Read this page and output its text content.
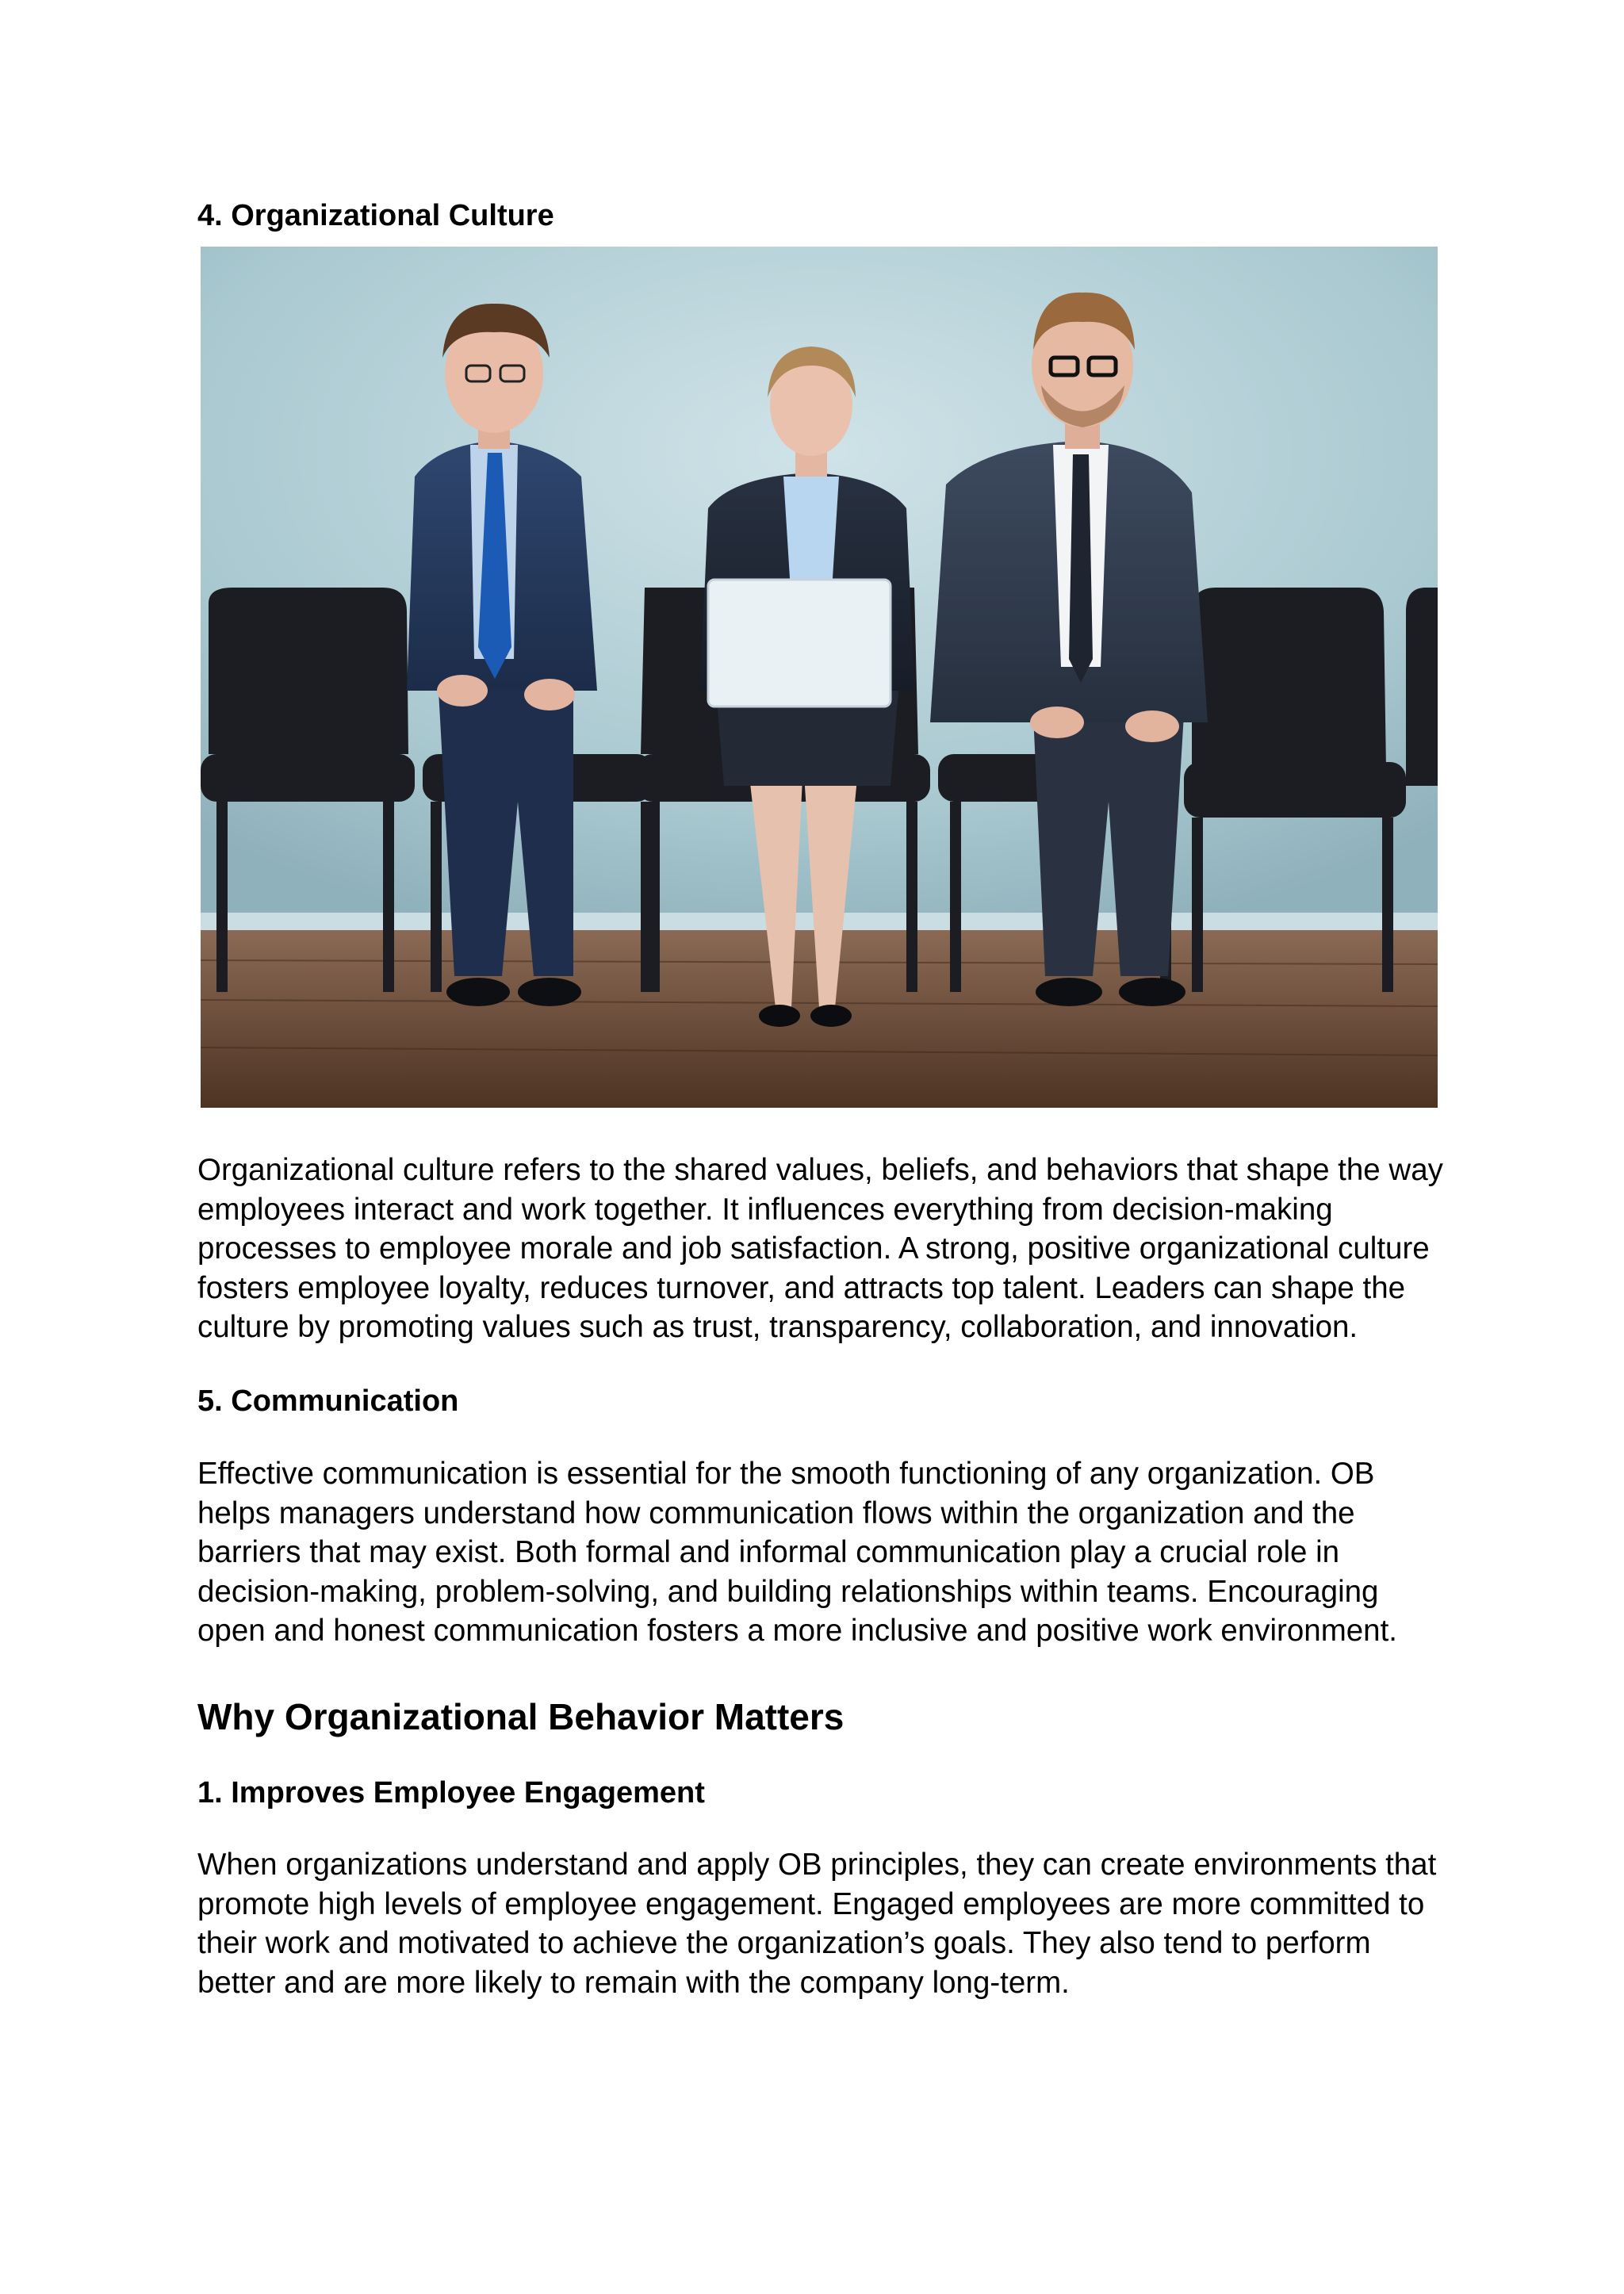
4. Organizational Culture
Organizational culture refers to the shared values, beliefs, and behaviors that shape the way
employees interact and work together. It influences everything from decision-making
processes to employee morale and job satisfaction. A strong, positive organizational culture
fosters employee loyalty, reduces turnover, and attracts top talent. Leaders can shape the
culture by promoting values such as trust, transparency, collaboration, and innovation.
5. Communication
Effective communication is essential for the smooth functioning of any organization. OB
helps managers understand how communication flows within the organization and the
barriers that may exist. Both formal and informal communication play a crucial role in
decision-making, problem-solving, and building relationships within teams. Encouraging
open and honest communication fosters a more inclusive and positive work environment.
Why Organizational Behavior Matters
1. Improves Employee Engagement
When organizations understand and apply OB principles, they can create environments that
promote high levels of employee engagement. Engaged employees are more committed to
their work and motivated to achieve the organization’s goals. They also tend to perform
better and are more likely to remain with the company long-term.
